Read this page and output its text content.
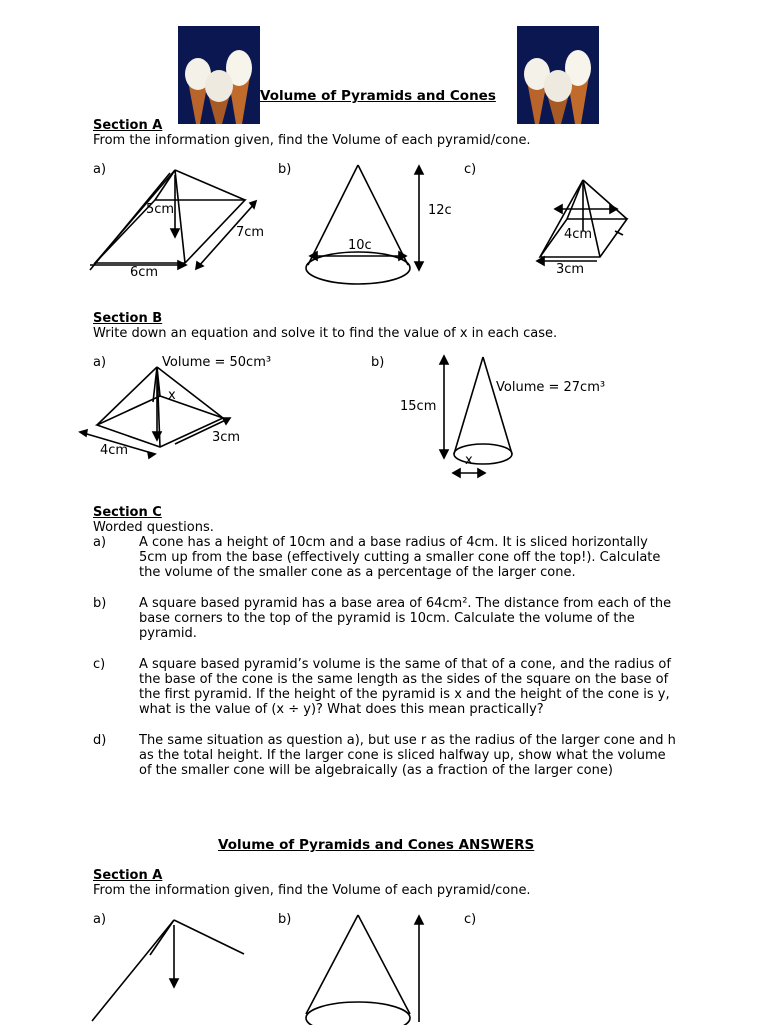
Volume of Pyramids and Cones
Section A
From the information given, find the Volume of each pyramid/cone.
a)	b)	c)
5cm
7cm
6cm
12c
10c
4cm
3cm
Section B
Write down an equation and solve it to find the value of x in each case.
a)	b)
Volume = 50cm³
x
3cm
4cm
Volume = 27cm³
15cm
x
Section C
Worded questions.
a)	A cone has a height of 10cm and a base radius of 4cm. It is sliced horizontally 5cm up from the base (effectively cutting a smaller cone off the top!). Calculate the volume of the smaller cone as a percentage of the larger cone.
b)	A square based pyramid has a base area of 64cm². The distance from each of the base corners to the top of the pyramid is 10cm. Calculate the volume of the pyramid.
c)	A square based pyramid’s volume is the same of that of a cone, and the radius of the base of the cone is the same length as the sides of the square on the base of the first pyramid. If the height of the pyramid is x and the height of the cone is y, what is the value of (x ÷ y)? What does this mean practically?
d)	The same situation as question a), but use r as the radius of the larger cone and h as the total height. If the larger cone is sliced halfway up, show what the volume of the smaller cone will be algebraically (as a fraction of the larger cone)
Volume of Pyramids and Cones ANSWERS
Section A
From the information given, find the Volume of each pyramid/cone.
a)	b)	c)
